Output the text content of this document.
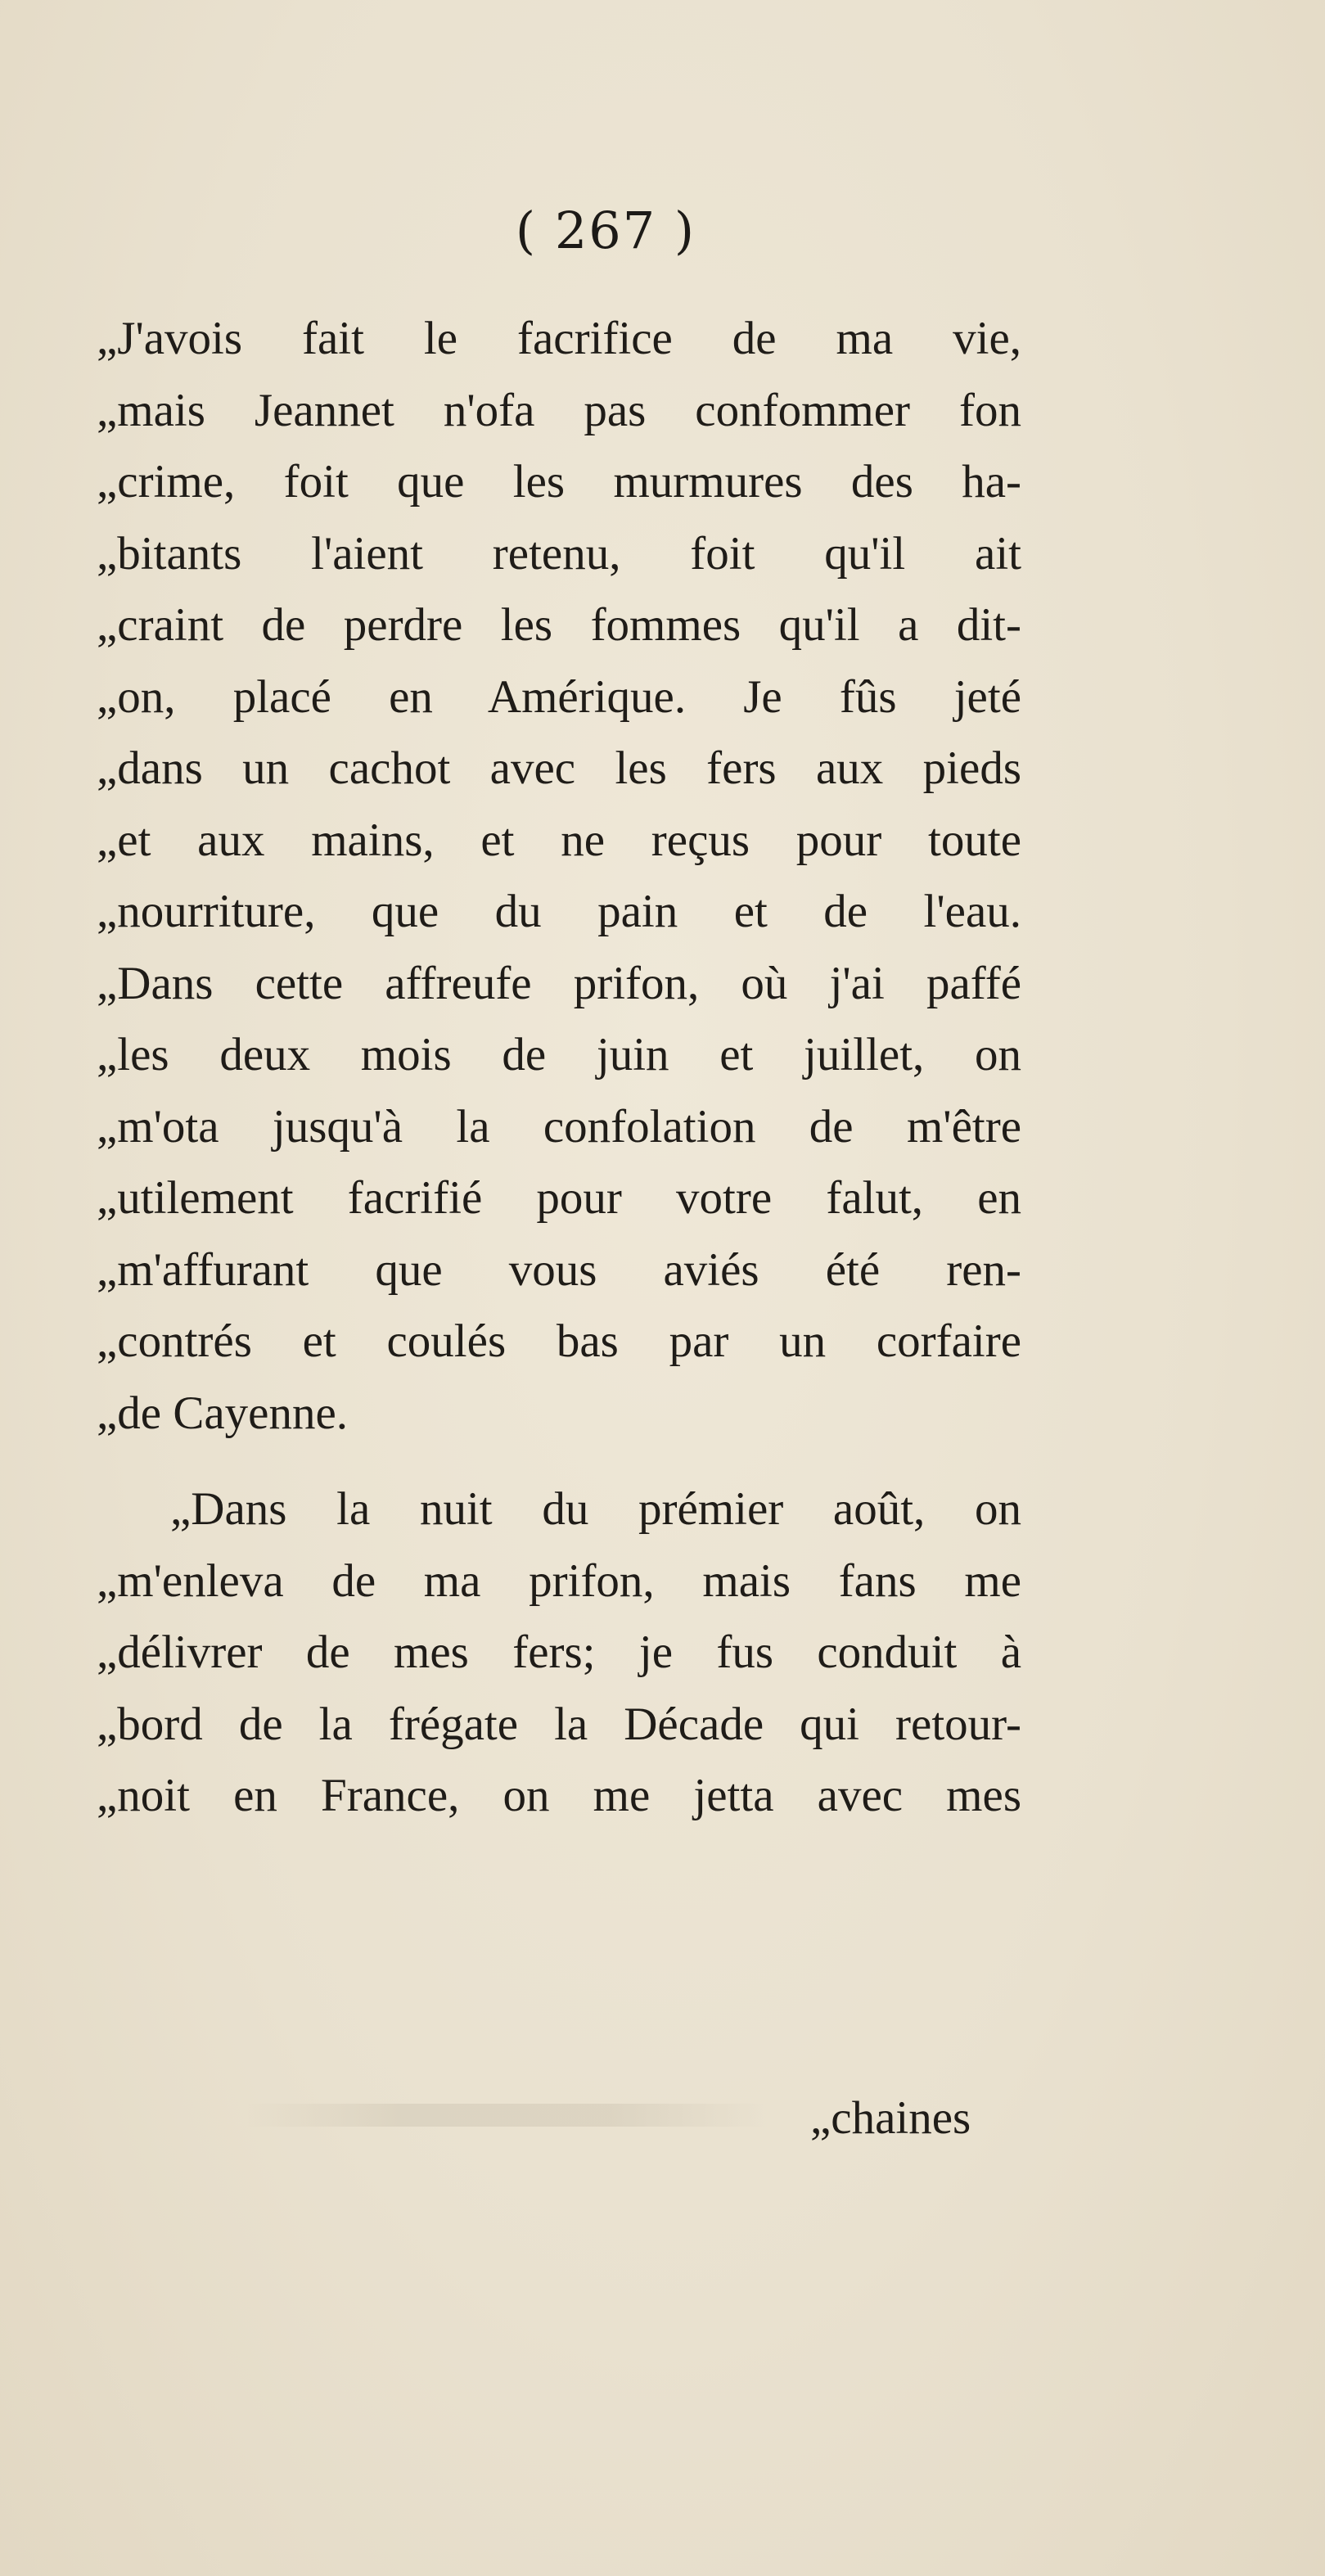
( 267 )
„J'avois fait le facrifice de ma vie,
„mais Jeannet n'ofa pas confommer fon
„crime, foit que les murmures des ha-
„bitants l'aient retenu, foit qu'il ait
„craint de perdre les fommes qu'il a dit-
„on, placé en Amérique. Je fûs jeté
„dans un cachot avec les fers aux pieds
„et aux mains, et ne reçus pour toute
„nourriture, que du pain et de l'eau.
„Dans cette affreufe prifon, où j'ai paffé
„les deux mois de juin et juillet, on
„m'ota jusqu'à la confolation de m'être
„utilement facrifié pour votre falut, en
„m'affurant que vous aviés été ren-
„contrés et coulés bas par un corfaire
„de Cayenne.
„Dans la nuit du prémier août, on
„m'enleva de ma prifon, mais fans me
„délivrer de mes fers; je fus conduit à
„bord de la frégate la Décade qui retour-
„noit en France, on me jetta avec mes
„chaines
